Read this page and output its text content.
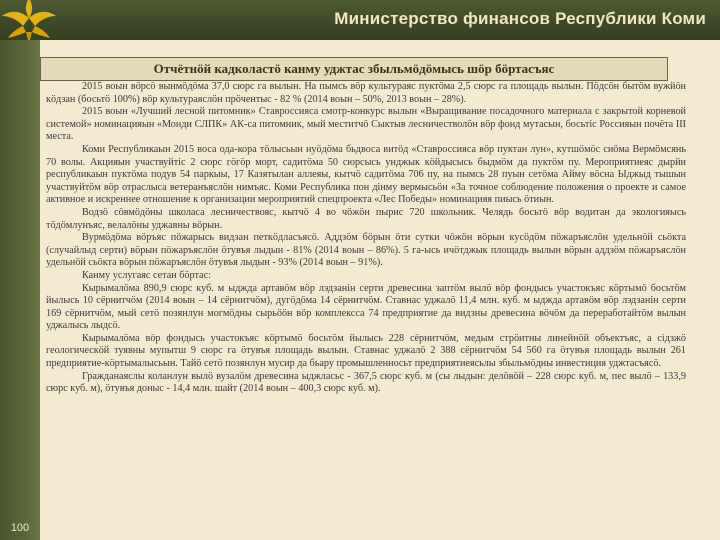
Министерство финансов Республики Коми
100
Отчётнӧй кадколастӧ канму уджтас збыльмӧдӧмысь шӧр бӧртасъяс

2015 воын вӧрсӧ вынмӧдӧма 37,0 сюрс га вылын. На пымсь вӧр культураяс пуктӧма 2,5 сюрс га площадь вылын. Пӧдсӧн бытӧм вужйӧн кӧдзан (босьтӧ 100%) вӧр культураяслӧн прӧчентыс - 82 % (2014 воын – 50%, 2013 воын – 28%).

2015 воын «Лучший лесной питомник» Ставроссияса смотр-конкурс вылын «Выращивание посадочного материала с закрытой корневой системой» номинацияын «Монди СЛПК» АК-са питомник, мый меститчӧ Сыктыв лесничестволӧн вӧр фонд мутасын, босьтiс Россияын почёта III места.

Коми Республикаын 2015 воса ода-кора тӧлысьын нуӧдӧма бьдвоса витӧд «Ставроссияса вӧр пуктан лун», кутшӧмӧс сиӧма Вермӧмсянь 70 волы. Акцияын участвуйтiс 2 сюрс гӧгӧр морт, садитӧма 50 сюрсысь унджык кӧйдысысь быдмӧм да пуктӧм пу. Мероприятиеяс дырйи республикаын пуктӧма подув 54 паркыы, 17 Казятылан аллеяы, кытчӧ садитӧма 706 пу, на пымсь 28 пуын сетӧма Айму вӧсна Ыджыд тышын участвуйтӧм вӧр отраслыса ветеранъяслӧн нимъяс. Коми Республика пон дiнму вермысьӧн «За точное соблюдение положения о проекте и самое активное и искреннее отношение к организации мероприятий спецпроекта «Лес Победы» номинацияя пиысь ӧтиын.

Водзӧ сӧвмӧдӧны школаса лесничествояс, кытчӧ 4 во чӧжӧн пырис 720 школьник. Челядь босьтӧ вӧр водитан да экологияысь тӧдӧмлунъяс, велалӧны уджавны вӧрын.

Вурмӧдӧма вӧръяс пӧжарысь видзан петкӧдласъясӧ. Аддзӧм бӧрын ӧти сутки чӧжӧн вӧрын кусӧдӧм пӧжаръяслӧн удельнӧй сьӧкта (случайлыд серти) вӧрын пӧжаръяслӧн ӧтувъя лыдын - 81% (2014 воын – 86%). 5 га-ысь ичӧтджык площадь вылын вӧрын аддзӧм пӧжаръяслӧн удельнӧй сьӧкта вӧрын пӧжаръяслӧн ӧтувъя лыдын - 93% (2014 воын – 91%).

Канму услугаяс сетан бӧртас:

Кырымалӧма 890,9 сюрс куб. м ыджда артавӧм вӧр лэдзанiн серти древесина заптӧм вылӧ вӧр фондысь участокъяс кӧртымӧ босьтӧм йылысь 10 сёрнитчӧм (2014 воын – 14 сёрнитчӧм), дугӧдӧма 14 сёрнитчӧм. Ставнас уджалӧ 11,4 млн. куб. м ыджда артавӧм вӧр лэдзанiн серти 169 сёрнитчӧм, мый сетӧ позянлун могмӧдны сырьӧӧн вӧр комплексса 74 предприятие да видзны древесина вӧчӧм да переработайтӧм вылын уджалысь лыдсӧ.

Кырымалӧма вӧр фондысь участокъяс кӧртымӧ босьтӧм йылысь 228 сёрнитчӧм, медым стрӧитны линейнӧй объектъяс, а сiдзжӧ геологическӧй туявны мупытш 9 сюрс га ӧтувъя площадь вылын. Ставнас уджалӧ 2 388 сёрнитчӧм 54 560 га ӧтувъя площадь вылын 261 предприятие-кӧртымалысьын. Тайӧ сетӧ позянлун мусир да бьару промышленносьт предприятиеясьлы збыльмӧдны инвестиция уджтасъясӧ.

Гражданаяслы коланлун вылӧ вузалӧм древесина ыджласьс - 367,5 сюрс куб. м (сы лыдын: делӧвӧй – 228 сюрс куб. м, пес вылӧ – 133,9 сюрс куб. м), ӧтувъя доныс - 14,4 млн. шайт (2014 воын – 400,3 сюрс куб. м).
